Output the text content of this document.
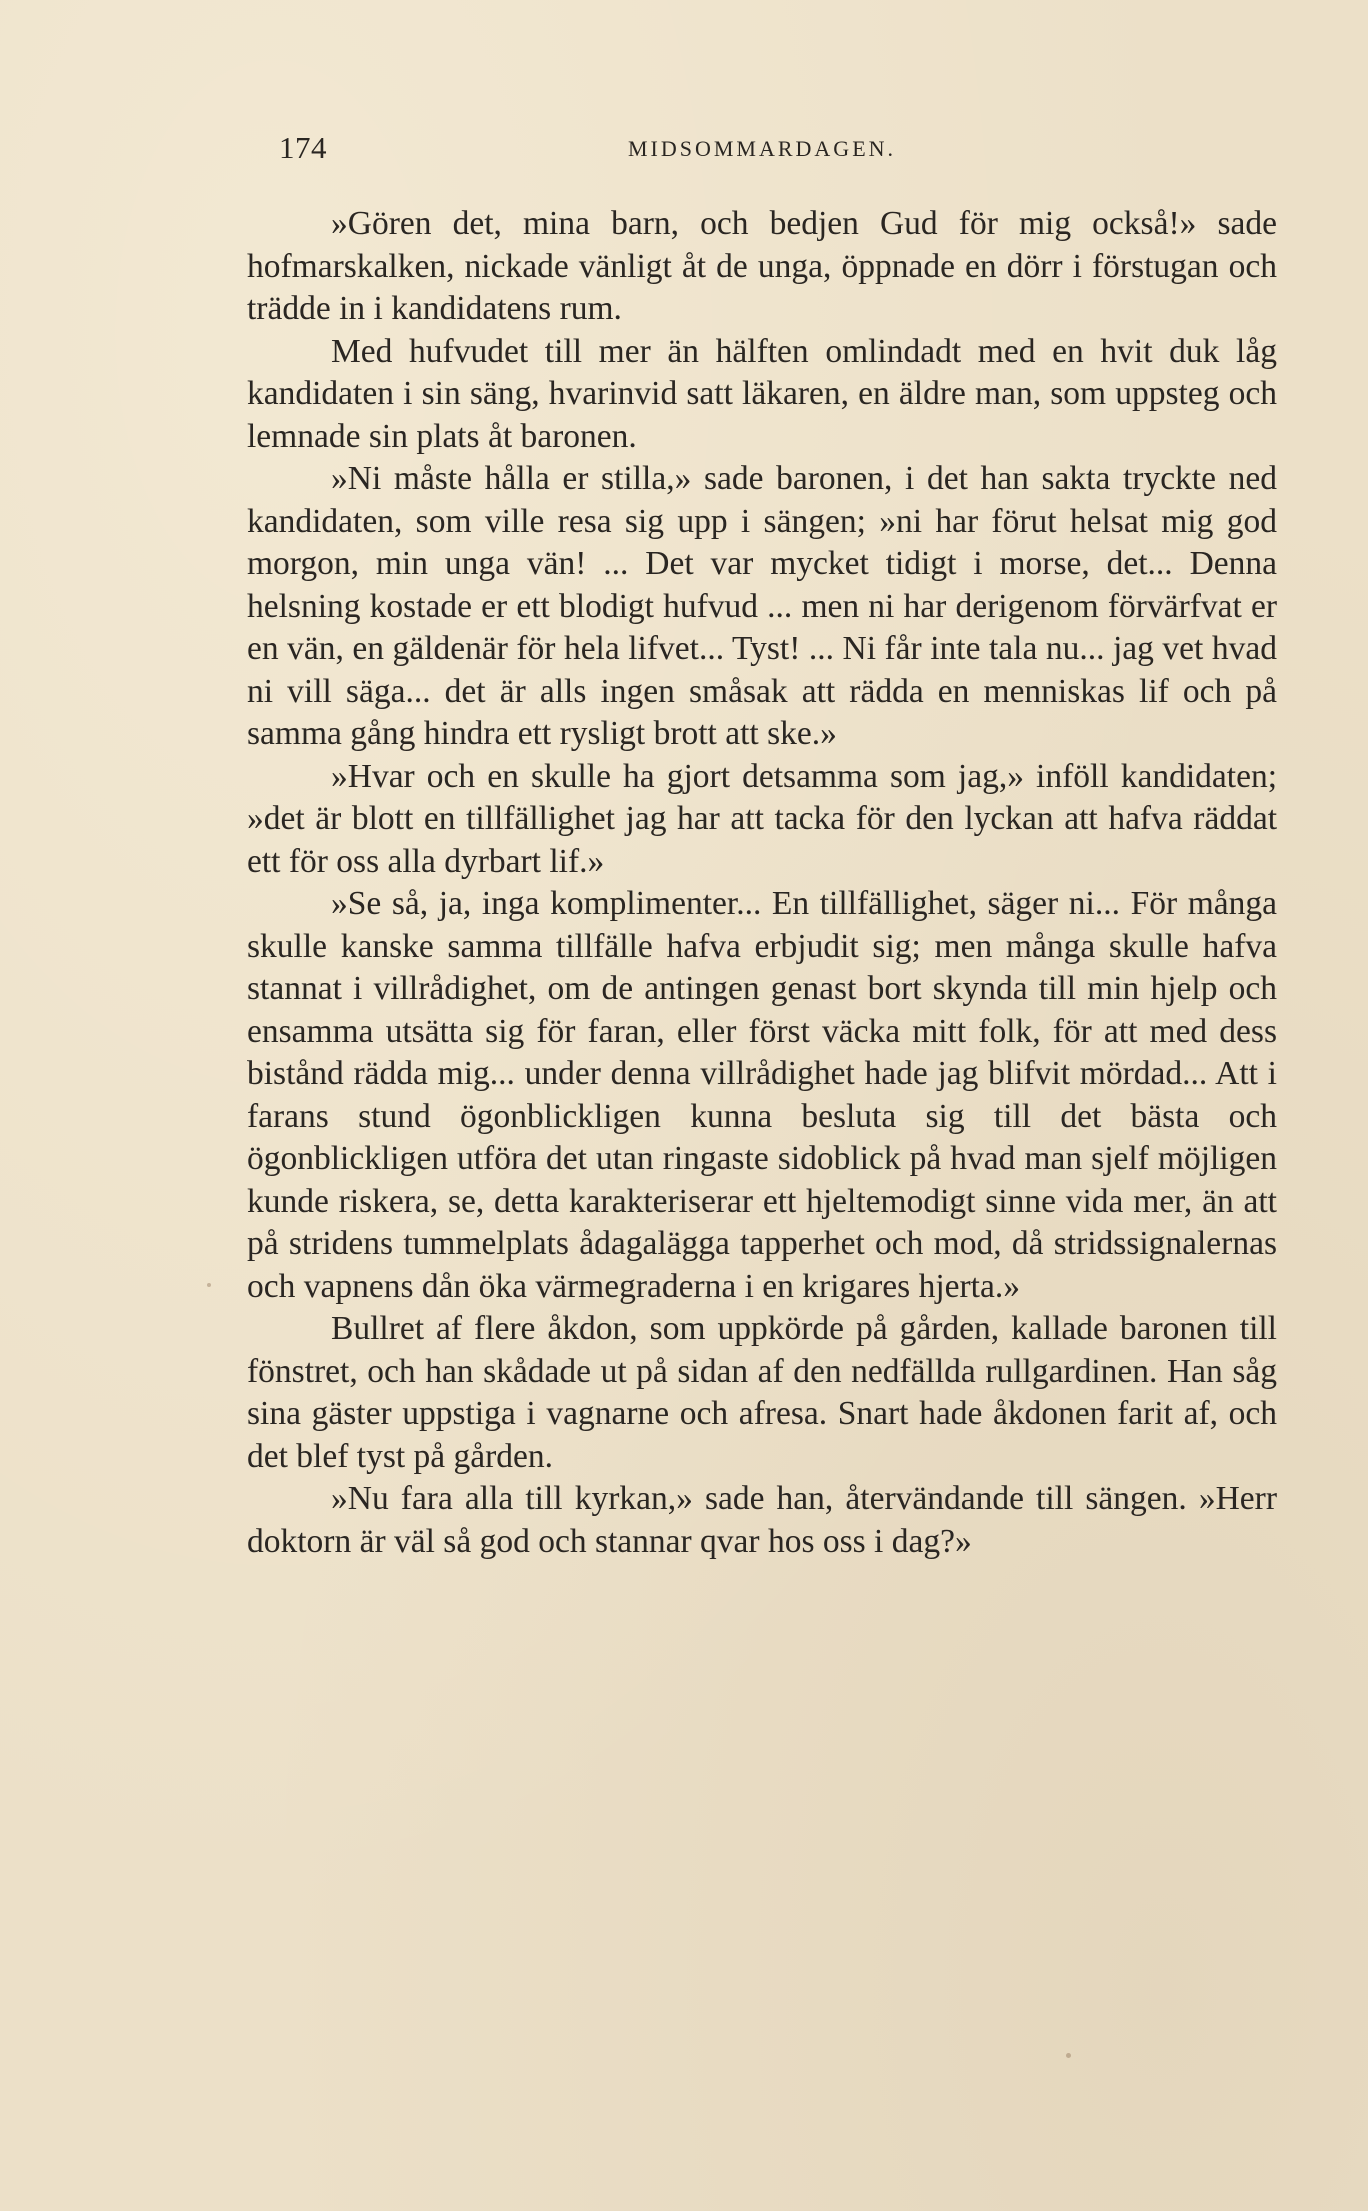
174	MIDSOMMARDAGEN.

»Gören det, mina barn, och bedjen Gud för mig också!» sade hofmarskalken, nickade vänligt åt de unga, öppnade en dörr i förstugan och trädde in i kandidatens rum.

Med hufvudet till mer än hälften omlindadt med en hvit duk låg kandidaten i sin säng, hvarinvid satt läkaren, en äldre man, som uppsteg och lemnade sin plats åt baronen.

»Ni måste hålla er stilla,» sade baronen, i det han sakta tryckte ned kandidaten, som ville resa sig upp i sängen; »ni har förut helsat mig god morgon, min unga vän! ... Det var mycket tidigt i morse, det... Denna helsning kostade er ett blodigt hufvud ... men ni har derigenom förvärfvat er en vän, en gäldenär för hela lifvet... Tyst! ... Ni får inte tala nu... jag vet hvad ni vill säga... det är alls ingen småsak att rädda en menniskas lif och på samma gång hindra ett rysligt brott att ske.»

»Hvar och en skulle ha gjort detsamma som jag,» inföll kandidaten; »det är blott en tillfällighet jag har att tacka för den lyckan att hafva räddat ett för oss alla dyrbart lif.»

»Se så, ja, inga komplimenter... En tillfällighet, säger ni... För många skulle kanske samma tillfälle hafva erbjudit sig; men många skulle hafva stannat i villrådighet, om de antingen genast bort skynda till min hjelp och ensamma utsätta sig för faran, eller först väcka mitt folk, för att med dess bistånd rädda mig... under denna villrådighet hade jag blifvit mördad... Att i farans stund ögonblickligen kunna besluta sig till det bästa och ögonblickligen utföra det utan ringaste sidoblick på hvad man sjelf möjligen kunde riskera, se, detta karakteriserar ett hjeltemodigt sinne vida mer, än att på stridens tummelplats ådagalägga tapperhet och mod, då stridssignalernas och vapnens dån öka värmegraderna i en krigares hjerta.»

Bullret af flere åkdon, som uppkörde på gården, kallade baronen till fönstret, och han skådade ut på sidan af den nedfällda rullgardinen. Han såg sina gäster uppstiga i vagnarne och afresa. Snart hade åkdonen farit af, och det blef tyst på gården.

»Nu fara alla till kyrkan,» sade han, återvändande till sängen. »Herr doktorn är väl så god och stannar qvar hos oss i dag?»
